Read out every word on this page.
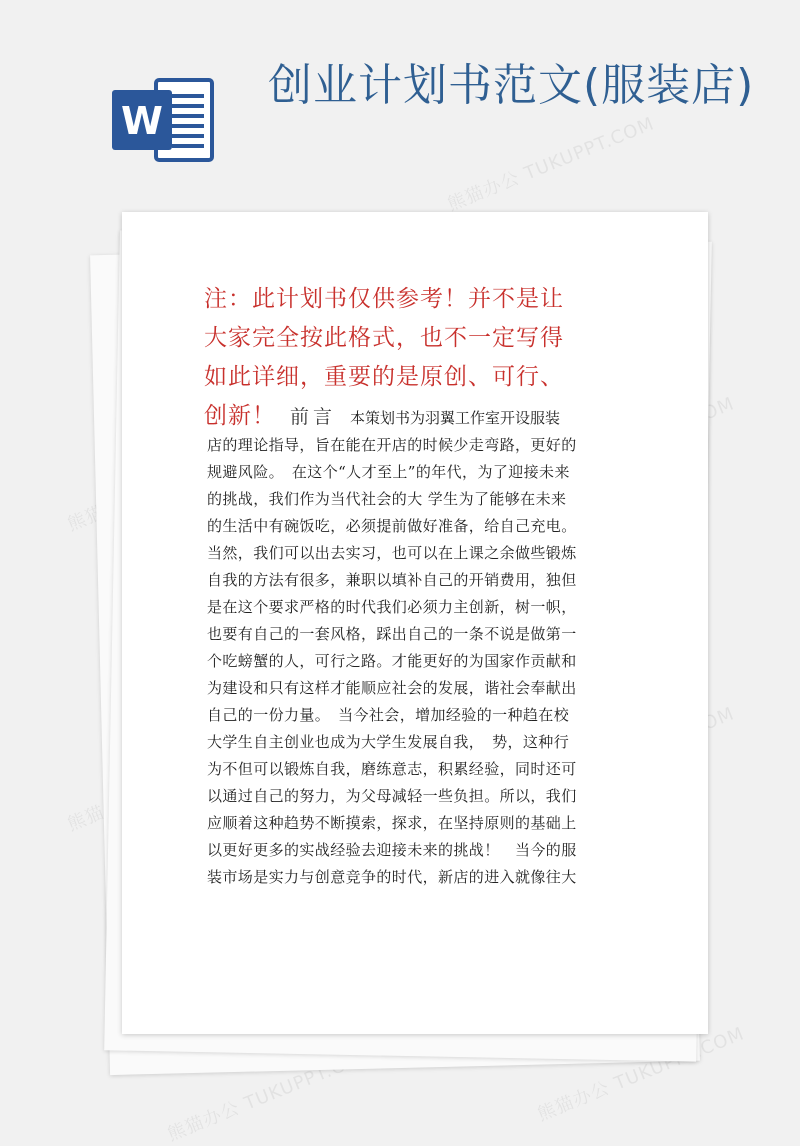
W
创业计划书范文(服装店)
熊猫办公 TUKUPPT.COM
熊猫办公 TUKUPPT.COM	熊猫办公 TUKUPPT.COM
注：此计划书仅供参考！并不是让
大家完全按此格式，也不一定写得
如此详细，重要的是原创、可行、
创新！ 前言 本策划书为羽翼工作室开设服装
店的理论指导，旨在能在开店的时候少走弯路，更好的
规避风险。　在这个“人才至上”的年代，为了迎接未来
的挑战，我们作为当代社会的大 学生为了能够在未来
的生活中有碗饭吃，必须提前做好准备，给自己充电。
当然，我们可以出去实习，也可以在上课之余做些锻炼
自我的方法有很多，兼职以填补自己的开销费用，独但
是在这个要求严格的时代我们必须力主创新，树一帜，
也要有自己的一套风格，踩出自己的一条不说是做第一
个吃螃蟹的人，可行之路。才能更好的为国家作贡献和
为建设和只有这样才能顺应社会的发展，谐社会奉献出
自己的一份力量。　当今社会，增加经验的一种趋在校
大学生自主创业也成为大学生发展自我，　势，这种行
为不但可以锻炼自我，磨练意志，积累经验，同时还可
以通过自己的努力，为父母减轻一些负担。所以，我们
应顺着这种趋势不断摸索，探求，在坚持原则的基础上
以更好更多的实战经验去迎接未来的挑战！　当今的服
装市场是实力与创意竞争的时代，新店的进入就像往大
